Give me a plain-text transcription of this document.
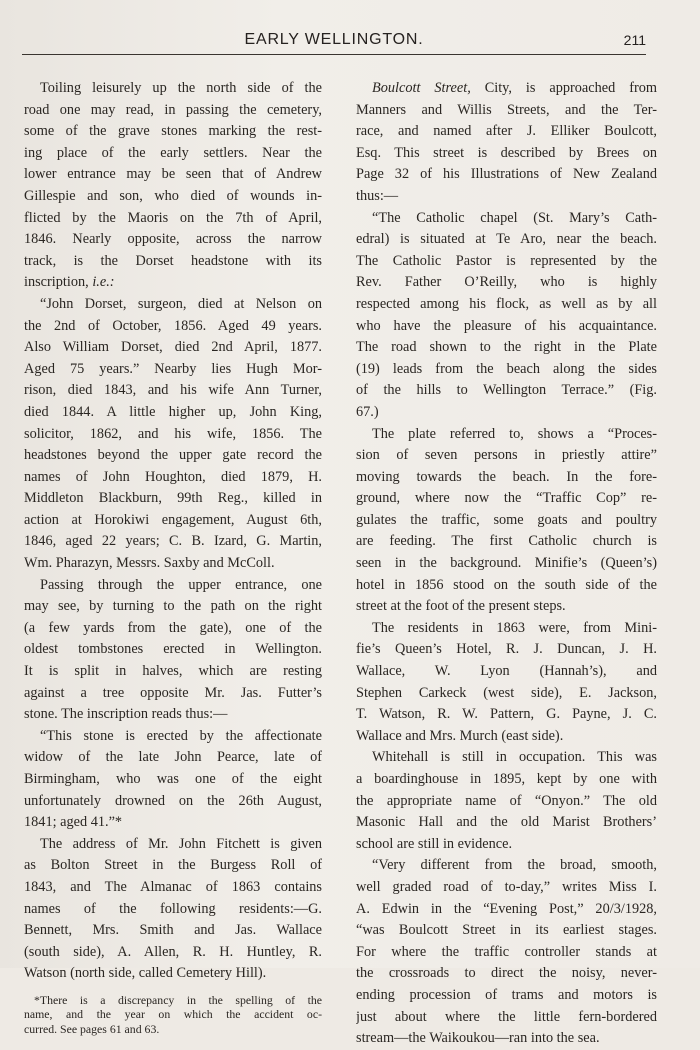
EARLY WELLINGTON.	211
Toiling leisurely up the north side of the
road one may read, in passing the cemetery,
some of the grave stones marking the rest-
ing place of the early settlers. Near the
lower entrance may be seen that of Andrew
Gillespie and son, who died of wounds in-
flicted by the Maoris on the 7th of April,
1846. Nearly opposite, across the narrow
track, is the Dorset headstone with its
inscription, i.e.:
“John Dorset, surgeon, died at Nelson on
the 2nd of October, 1856. Aged 49 years.
Also William Dorset, died 2nd April, 1877.
Aged 75 years.” Nearby lies Hugh Mor-
rison, died 1843, and his wife Ann Turner,
died 1844. A little higher up, John King,
solicitor, 1862, and his wife, 1856. The
headstones beyond the upper gate record the
names of John Houghton, died 1879, H.
Middleton Blackburn, 99th Reg., killed in
action at Horokiwi engagement, August 6th,
1846, aged 22 years; C. B. Izard, G. Martin,
Wm. Pharazyn, Messrs. Saxby and McColl.
Passing through the upper entrance, one
may see, by turning to the path on the right
(a few yards from the gate), one of the
oldest tombstones erected in Wellington.
It is split in halves, which are resting
against a tree opposite Mr. Jas. Futter’s
stone. The inscription reads thus:—
“This stone is erected by the affectionate
widow of the late John Pearce, late of
Birmingham, who was one of the eight
unfortunately drowned on the 26th August,
1841; aged 41.”*
The address of Mr. John Fitchett is given
as Bolton Street in the Burgess Roll of
1843, and The Almanac of 1863 contains
names of the following residents:—G.
Bennett, Mrs. Smith and Jas. Wallace
(south side), A. Allen, R. H. Huntley, R.
Watson (north side, called Cemetery Hill).
*There is a discrepancy in the spelling of the
name, and the year on which the accident oc-
curred. See pages 61 and 63.
Boulcott Street, City, is approached from
Manners and Willis Streets, and the Ter-
race, and named after J. Elliker Boulcott,
Esq. This street is described by Brees on
Page 32 of his Illustrations of New Zealand
thus:—
“The Catholic chapel (St. Mary’s Cath-
edral) is situated at Te Aro, near the beach.
The Catholic Pastor is represented by the
Rev. Father O’Reilly, who is highly
respected among his flock, as well as by all
who have the pleasure of his acquaintance.
The road shown to the right in the Plate
(19) leads from the beach along the sides
of the hills to Wellington Terrace.” (Fig.
67.)
The plate referred to, shows a “Proces-
sion of seven persons in priestly attire”
moving towards the beach. In the fore-
ground, where now the “Traffic Cop” re-
gulates the traffic, some goats and poultry
are feeding. The first Catholic church is
seen in the background. Minifie’s (Queen’s)
hotel in 1856 stood on the south side of the
street at the foot of the present steps.
The residents in 1863 were, from Mini-
fie’s Queen’s Hotel, R. J. Duncan, J. H.
Wallace, W. Lyon (Hannah’s), and
Stephen Carkeck (west side), E. Jackson,
T. Watson, R. W. Pattern, G. Payne, J. C.
Wallace and Mrs. Murch (east side).
Whitehall is still in occupation. This was
a boardinghouse in 1895, kept by one with
the appropriate name of “Onyon.” The old
Masonic Hall and the old Marist Brothers’
school are still in evidence.
“Very different from the broad, smooth,
well graded road of to-day,” writes Miss I.
A. Edwin in the “Evening Post,” 20/3/1928,
“was Boulcott Street in its earliest stages.
For where the traffic controller stands at
the crossroads to direct the noisy, never-
ending procession of trams and motors is
just about where the little fern-bordered
stream—the Waikoukou—ran into the sea.
